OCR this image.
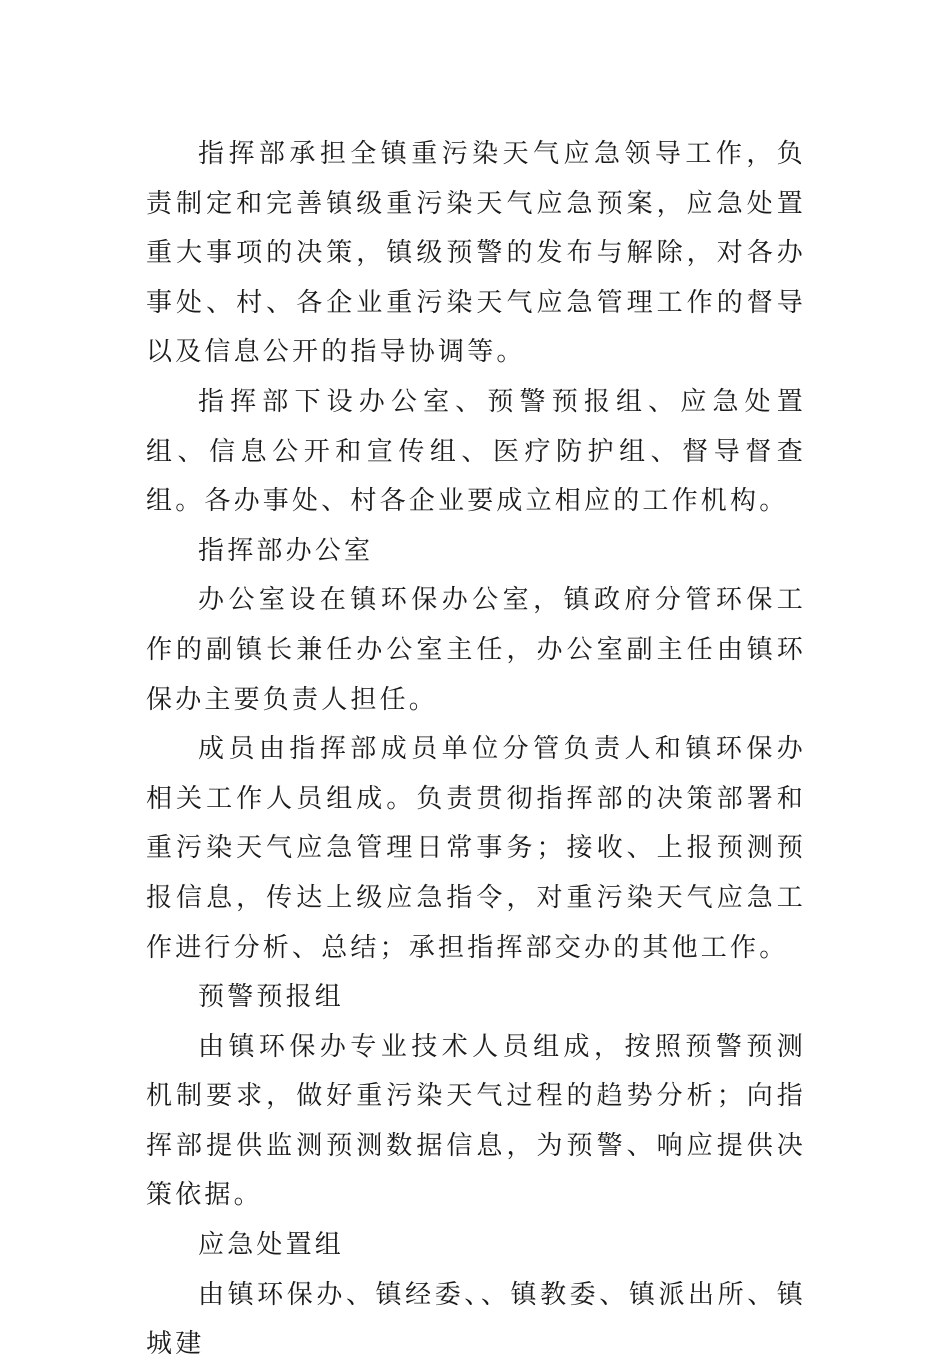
指挥部承担全镇重污染天气应急领导工作，负责制定和完善镇级重污染天气应急预案，应急处置重大事项的决策，镇级预警的发布与解除，对各办事处、村、各企业重污染天气应急管理工作的督导以及信息公开的指导协调等。

指挥部下设办公室、预警预报组、应急处置组、信息公开和宣传组、医疗防护组、督导督查组。各办事处、村各企业要成立相应的工作机构。

指挥部办公室

办公室设在镇环保办公室，镇政府分管环保工作的副镇长兼任办公室主任，办公室副主任由镇环保办主要负责人担任。

成员由指挥部成员单位分管负责人和镇环保办相关工作人员组成。负责贯彻指挥部的决策部署和重污染天气应急管理日常事务；接收、上报预测预报信息，传达上级应急指令，对重污染天气应急工作进行分析、总结；承担指挥部交办的其他工作。

预警预报组

由镇环保办专业技术人员组成，按照预警预测机制要求，做好重污染天气过程的趋势分析；向指挥部提供监测预测数据信息，为预警、响应提供决策依据。

应急处置组

由镇环保办、镇经委、、镇教委、镇派出所、镇城建
